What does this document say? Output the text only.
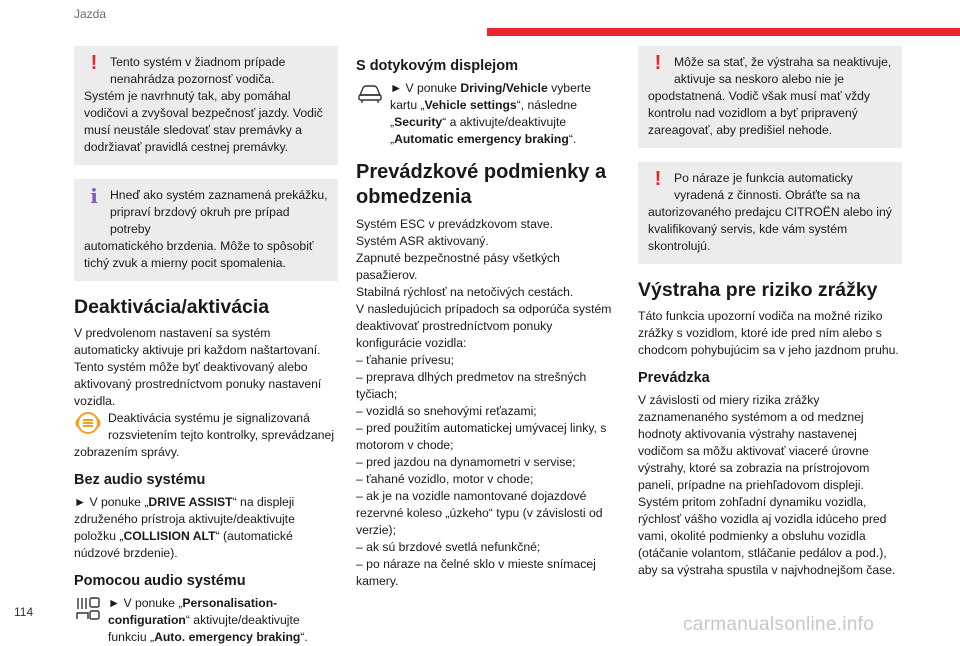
Jazda
!	Tento systém v žiadnom prípade nenahrádza pozornosť vodiča.
Systém je navrhnutý tak, aby pomáhal vodičovi a zvyšoval bezpečnosť jazdy. Vodič musí neustále sledovať stav premávky a dodržiavať pravidlá cestnej premávky.
i	Hneď ako systém zaznamená prekážku, pripraví brzdový okruh pre prípad potreby
automatického brzdenia. Môže to spôsobiť tichý zvuk a mierny pocit spomalenia.
Deaktivácia/aktivácia

V predvolenom nastavení sa systém automaticky aktivuje pri každom naštartovaní.

Tento systém môže byť deaktivovaný alebo aktivovaný prostredníctvom ponuky nastavení vozidla.

Deaktivácia systému je signalizovaná rozsvietením tejto kontrolky, sprevádzanej

zobrazením správy.

Bez audio systému

► V ponuke „DRIVE ASSIST“ na displeji združeného prístroja aktivujte/deaktivujte položku „COLLISION ALT“ (automatické núdzové brzdenie).

Pomocou audio systému
► V ponuke „Personalisation-configuration“ aktivujte/deaktivujte funkciu „Auto. emergency braking“.
S dotykovým displejom
► V ponuke Driving/Vehicle vyberte kartu „Vehicle settings“, následne „Security“ a aktivujte/deaktivujte „Automatic emergency braking“.
Prevádzkové podmienky a obmedzenia

Systém ESC v prevádzkovom stave.

Systém ASR aktivovaný.

Zapnuté bezpečnostné pásy všetkých pasažierov.

Stabilná rýchlosť na netočivých cestách.

V nasledujúcich prípadoch sa odporúča systém deaktivovať prostredníctvom ponuky konfigurácie vozidla:

– ťahanie prívesu;

– preprava dlhých predmetov na strešných tyčiach;

– vozidlá so snehovými reťazami;

– pred použitím automatickej umývacej linky, s motorom v chode;

– pred jazdou na dynamometri v servise;

– ťahané vozidlo, motor v chode;

– ak je na vozidle namontované dojazdové rezervné koleso „úzkeho“ typu (v závislosti od verzie);

– ak sú brzdové svetlá nefunkčné;

– po náraze na čelné sklo v mieste snímacej kamery.

!	Môže sa stať, že výstraha sa neaktivuje, aktivuje sa neskoro alebo nie je
opodstatnená. Vodič však musí mať vždy kontrolu nad vozidlom a byť pripravený zareagovať, aby predišiel nehode.
!	Po náraze je funkcia automaticky vyradená z činnosti. Obráťte sa na
autorizovaného predajcu CITROËN alebo iný kvalifikovaný servis, kde vám systém skontrolujú.
Výstraha pre riziko zrážky

Táto funkcia upozorní vodiča na možné riziko zrážky s vozidlom, ktoré ide pred ním alebo s chodcom pohybujúcim sa v jeho jazdnom pruhu.

Prevádzka

V závislosti od miery rizika zrážky zaznamenaného systémom a od medznej hodnoty aktivovania výstrahy nastavenej vodičom sa môžu aktivovať viaceré úrovne výstrahy, ktoré sa zobrazia na prístrojovom paneli, prípadne na priehľadovom displeji. Systém pritom zohľadní dynamiku vozidla, rýchlosť vášho vozidla aj vozidla idúceho pred vami, okolité podmienky a obsluhu vozidla (otáčanie volantom, stláčanie pedálov a pod.), aby sa výstraha spustila v najvhodnejšom čase.

114
carmanualsonline.info
